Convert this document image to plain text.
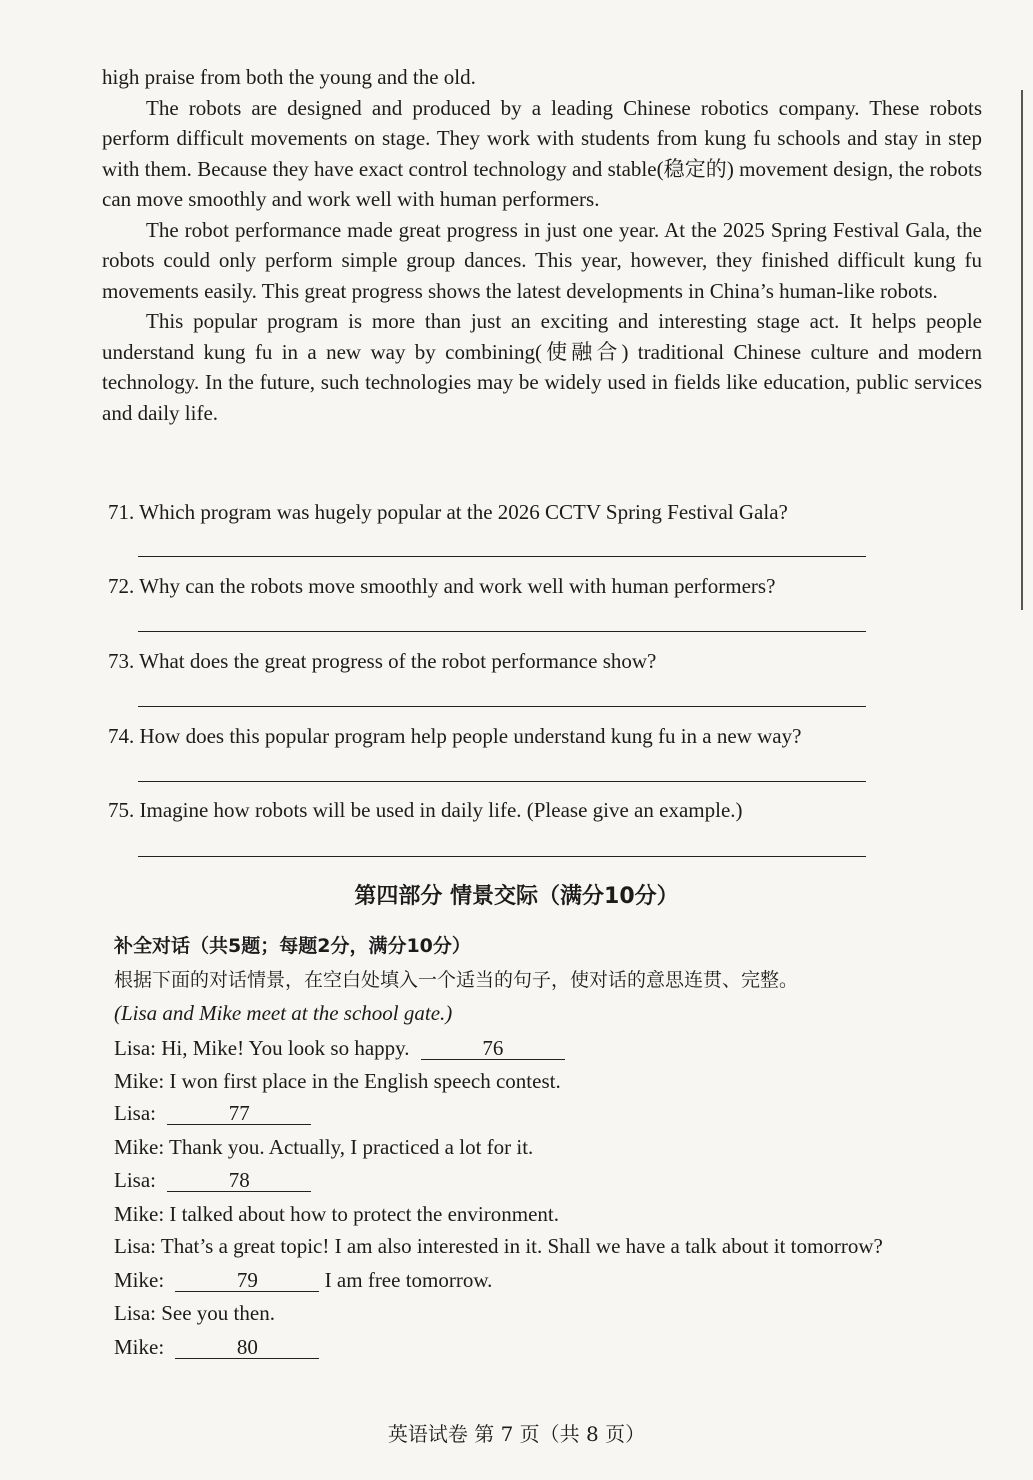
high praise from both the young and the old.

The robots are designed and produced by a leading Chinese robotics company. These robots perform difficult movements on stage. They work with students from kung fu schools and stay in step with them. Because they have exact control technology and stable(稳定的) movement design, the robots can move smoothly and work well with human performers.

The robot performance made great progress in just one year. At the 2025 Spring Festival Gala, the robots could only perform simple group dances. This year, however, they finished difficult kung fu movements easily. This great progress shows the latest developments in China’s human-like robots.

This popular program is more than just an exciting and interesting stage act. It helps people understand kung fu in a new way by combining(使融合) traditional Chinese culture and modern technology. In the future, such technologies may be widely used in fields like education, public services and daily life.

71. Which program was hugely popular at the 2026 CCTV Spring Festival Gala?
72. Why can the robots move smoothly and work well with human performers?
73. What does the great progress of the robot performance show?
74. How does this popular program help people understand kung fu in a new way?
75. Imagine how robots will be used in daily life. (Please give an example.)
第四部分 情景交际（满分10分）
补全对话（共5题；每题2分，满分10分）
根据下面的对话情景，在空白处填入一个适当的句子，使对话的意思连贯、完整。
(Lisa and Mike meet at the school gate.)
Lisa: Hi, Mike! You look so happy.	76
Mike: I won first place in the English speech contest.
Lisa:	77
Mike: Thank you. Actually, I practiced a lot for it.
Lisa:	78
Mike: I talked about how to protect the environment.
Lisa: That’s a great topic! I am also interested in it. Shall we have a talk about it tomorrow?
Mike:	79	I am free tomorrow.
Lisa: See you then.
Mike:	80
英语试卷 第 7 页（共 8 页）
